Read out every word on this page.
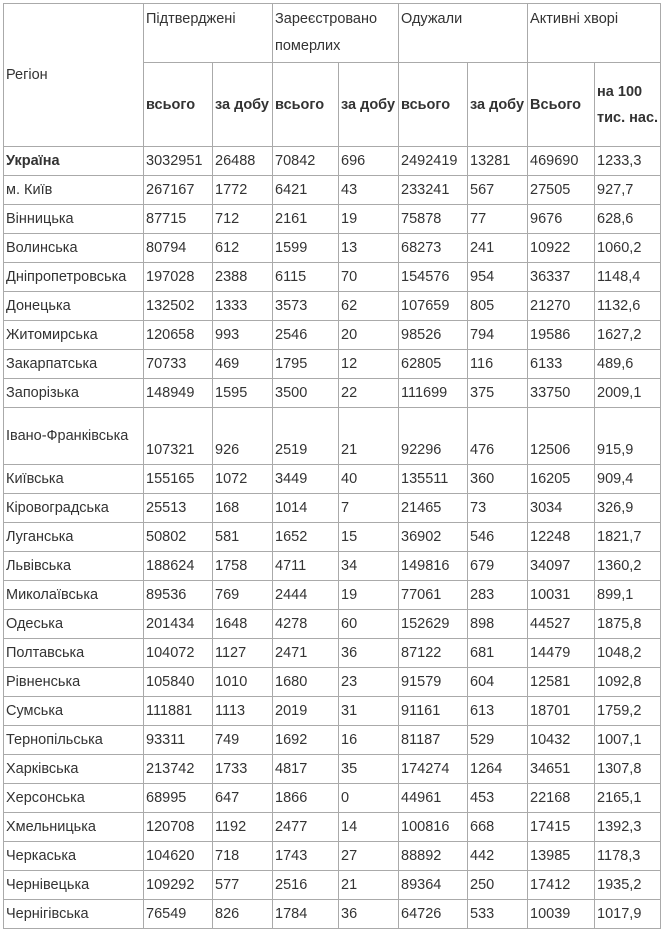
Регіон	Підтверджені		Зареєстровано померлих		Одужали		Активні хворі	
	всього	за добу	всього	за добу	всього	за добу	Всього	на 100 тис. нас.
Україна	3032951	26488	70842	696	2492419	13281	469690	1233,3
м. Київ	267167	1772	6421	43	233241	567	27505	927,7
Вінницька	87715	712	2161	19	75878	77	9676	628,6
Волинська	80794	612	1599	13	68273	241	10922	1060,2
Дніпропетровська	197028	2388	6115	70	154576	954	36337	1148,4
Донецька	132502	1333	3573	62	107659	805	21270	1132,6
Житомирська	120658	993	2546	20	98526	794	19586	1627,2
Закарпатська	70733	469	1795	12	62805	116	6133	489,6
Запорізька	148949	1595	3500	22	111699	375	33750	2009,1
Івано-Франківська	107321	926	2519	21	92296	476	12506	915,9
Київська	155165	1072	3449	40	135511	360	16205	909,4
Кіровоградська	25513	168	1014	7	21465	73	3034	326,9
Луганська	50802	581	1652	15	36902	546	12248	1821,7
Львівська	188624	1758	4711	34	149816	679	34097	1360,2
Миколаївська	89536	769	2444	19	77061	283	10031	899,1
Одеська	201434	1648	4278	60	152629	898	44527	1875,8
Полтавська	104072	1127	2471	36	87122	681	14479	1048,2
Рівненська	105840	1010	1680	23	91579	604	12581	1092,8
Сумська	111881	1113	2019	31	91161	613	18701	1759,2
Тернопільська	93311	749	1692	16	81187	529	10432	1007,1
Харківська	213742	1733	4817	35	174274	1264	34651	1307,8
Херсонська	68995	647	1866	0	44961	453	22168	2165,1
Хмельницька	120708	1192	2477	14	100816	668	17415	1392,3
Черкаська	104620	718	1743	27	88892	442	13985	1178,3
Чернівецька	109292	577	2516	21	89364	250	17412	1935,2
Чернігівська	76549	826	1784	36	64726	533	10039	1017,9
